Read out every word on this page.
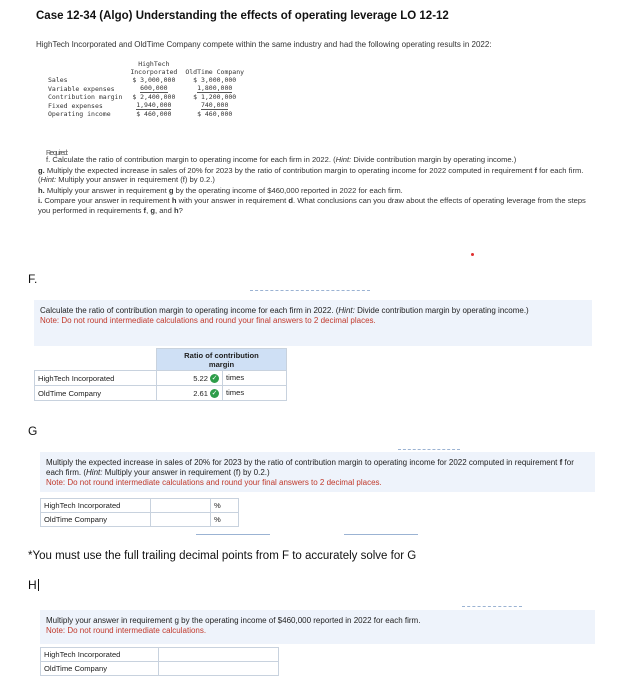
Case 12-34 (Algo) Understanding the effects of operating leverage LO 12-12
HighTech Incorporated and OldTime Company compete within the same industry and had the following operating results in 2022:
	HighTech	
	Incorporated	OldTime Company
Sales	$ 3,000,000	$ 3,000,000
Variable expenses	600,000	1,800,000
Contribution margin	$ 2,400,000	$ 1,200,000
Fixed expenses	1,940,000	740,000
Operating income	$ 460,000	$ 460,000
Required:

f. Calculate the ratio of contribution margin to operating income for each firm in 2022. (Hint: Divide contribution margin by operating income.)

g. Multiply the expected increase in sales of 20% for 2023 by the ratio of contribution margin to operating income for 2022 computed in requirement f for each firm. (Hint: Multiply your answer in requirement (f) by 0.2.)

h. Multiply your answer in requirement g by the operating income of $460,000 reported in 2022 for each firm.

i. Compare your answer in requirement h with your answer in requirement d. What conclusions can you draw about the effects of operating leverage from the steps you performed in requirements f, g, and h?

F.
Calculate the ratio of contribution margin to operating income for each firm in 2022. (Hint: Divide contribution margin by operating income.)
Note: Do not round intermediate calculations and round your final answers to 2 decimal places.
	Ratio of contribution
margin
HighTech Incorporated	5.22 ✓ times

OldTime Company	2.61 ✓ times
G
Multiply the expected increase in sales of 20% for 2023 by the ratio of contribution margin to operating income for 2022 computed in requirement f for each firm. (Hint: Multiply your answer in requirement (f) by 0.2.)
Note: Do not round intermediate calculations and round your final answers to 2 decimal places.
HighTech Incorporated		%
OldTime Company		%
*You must use the full trailing decimal points from F to accurately solve for G
H
Multiply your answer in requirement g by the operating income of $460,000 reported in 2022 for each firm.
Note: Do not round intermediate calculations.
HighTech Incorporated	
OldTime Company	
